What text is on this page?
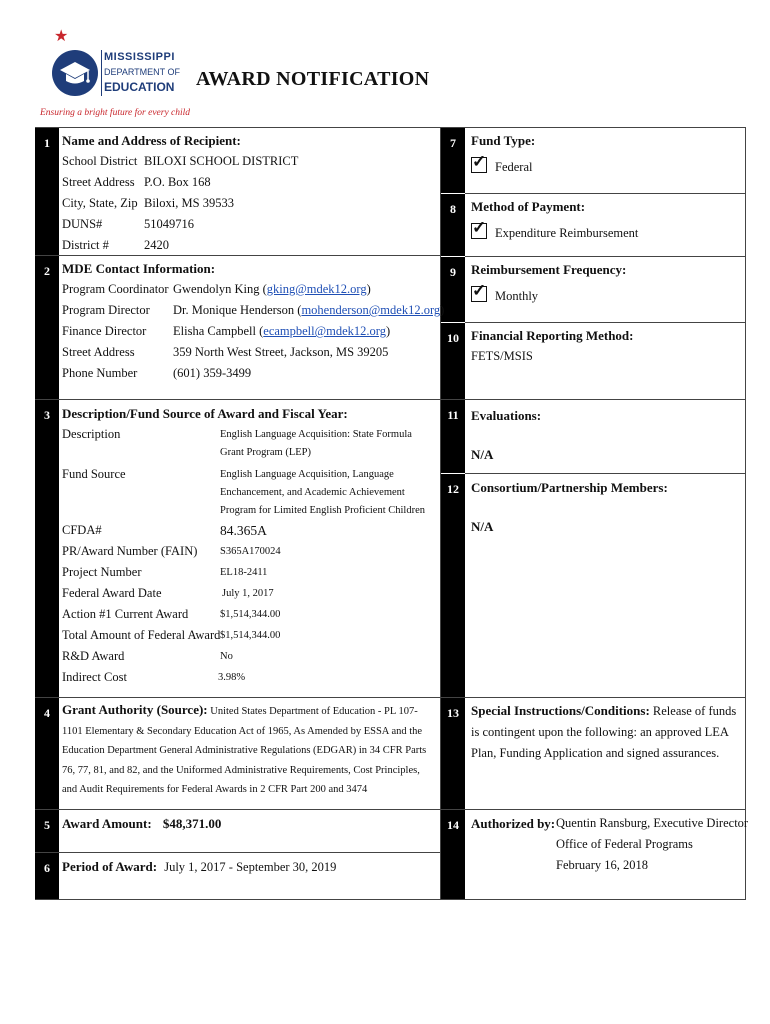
★
MISSISSIPPI
DEPARTMENT OF
EDUCATION
Ensuring a bright future for every child
AWARD NOTIFICATION
1
2
3
4
5
6
7
8
9
10
11
12
13
14
Name and Address of Recipient:
School District BILOXI SCHOOL DISTRICT
Street Address P.O. Box 168
City, State, Zip Biloxi, MS 39533
DUNS#	51049716
District #	2420
MDE Contact Information:
Program Coordinator Gwendolyn King (gking@mdek12.org)
Program Director Dr. Monique Henderson (mohenderson@mdek12.org)
Finance Director Elisha Campbell (ecampbell@mdek12.org)
Street Address	359 North West Street, Jackson, MS 39205
Phone Number	(601) 359-3499
Description/Fund Source of Award and Fiscal Year:
Description	English Language Acquisition: State Formula Grant Program (LEP)
Fund Source	English Language Acquisition, Language Enchancement, and Academic Achievement Program for Limited English Proficient Children
CFDA#	84.365A
PR/Award Number (FAIN) S365A170024
Project Number	EL18-2411
Federal Award Date	July 1, 2017
Action #1 Current Award	$1,514,344.00
Total Amount of Federal Award $1,514,344.00
R&D Award	No
Indirect Cost	3.98%
Grant Authority (Source): United States Department of Education - PL 107-1101 Elementary & Secondary Education Act of 1965, As Amended by ESSA and the Education Department General Administrative Regulations (EDGAR) in 34 CFR Parts 76, 77, 81, and 82, and the Uniformed Administrative Requirements, Cost Principles, and Audit Requirements for Federal Awards in 2 CFR Part 200 and 3474
Award Amount: $48,371.00
Period of Award: July 1, 2017 - September 30, 2019
Fund Type:
✓Federal
Method of Payment:
✓Expenditure Reimbursement
Reimbursement Frequency:
✓Monthly
Financial Reporting Method:
FETS/MSIS
Evaluations:
N/A
Consortium/Partnership Members:
N/A
Special Instructions/Conditions: Release of funds is contingent upon the following: an approved LEA Plan, Funding Application and signed assurances.
Authorized by: Quentin Ransburg, Executive Director
Office of Federal Programs
February 16, 2018
